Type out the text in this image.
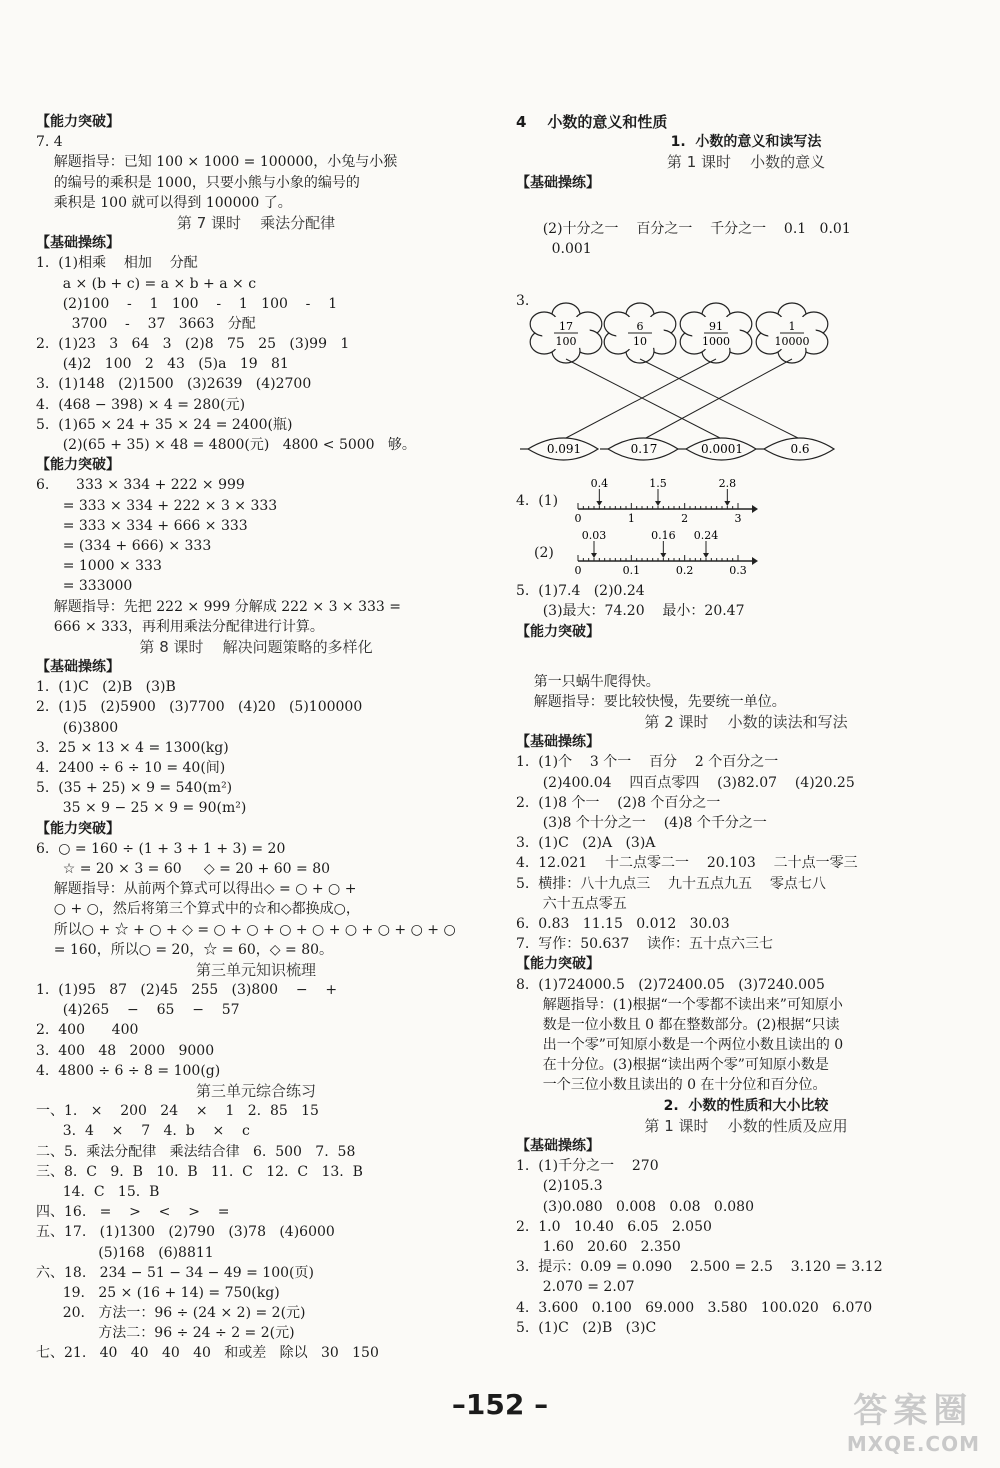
【能力突破】
7. 4
解题指导：已知 100 × 1000 = 100000，小兔与小猴
的编号的乘积是 1000，只要小熊与小象的编号的
乘积是 100 就可以得到 100000 了。
第 7 课时    乘法分配律
【基础操练】
1.  (1)相乘    相加    分配
a × (b + c) = a × b + a × c
(2)100    -    1   100    -    1   100    -    1
3700    -    37   3663   分配
2.  (1)23   3   64   3   (2)8   75   25   (3)99   1
(4)2   100   2   43   (5)a   19   81
3.  (1)148   (2)1500   (3)2639   (4)2700
4.  (468 − 398) × 4 = 280(元)
5.  (1)65 × 24 + 35 × 24 = 2400(瓶)
(2)(65 + 35) × 48 = 4800(元)   4800 < 5000   够。
【能力突破】
6.      333 × 334 + 222 × 999
= 333 × 334 + 222 × 3 × 333
= 333 × 334 + 666 × 333
= (334 + 666) × 333
= 1000 × 333
= 333000
解题指导：先把 222 × 999 分解成 222 × 3 × 333 =
666 × 333，再利用乘法分配律进行计算。
第 8 课时    解决问题策略的多样化
【基础操练】
1.  (1)C   (2)B   (3)B
2.  (1)5   (2)5900   (3)7700   (4)20   (5)100000
(6)3800
3.  25 × 13 × 4 = 1300(kg)
4.  2400 ÷ 6 ÷ 10 = 40(间)
5.  (35 + 25) × 9 = 540(m²)
35 × 9 − 25 × 9 = 90(m²)
【能力突破】
6.  ○ = 160 ÷ (1 + 3 + 1 + 3) = 20
☆ = 20 × 3 = 60     ◇ = 20 + 60 = 80
解题指导：从前两个算式可以得出◇ = ○ + ○ +
○ + ○，然后将第三个算式中的☆和◇都换成○，
所以○ + ☆ + ○ + ◇ = ○ + ○ + ○ + ○ + ○ + ○ + ○ + ○
= 160，所以○ = 20，☆ = 60，◇ = 80。
第三单元知识梳理
1.  (1)95   87   (2)45   255   (3)800    −    +
(4)265    −    65    −    57
2.  400      400
3.  400   48   2000   9000
4.  4800 ÷ 6 ÷ 8 = 100(g)
第三单元综合练习
一、1.   ×    200   24    ×    1   2.  85   15
3.  4    ×    7   4.  b    ×    c
二、5.  乘法分配律   乘法结合律   6.  500   7.  58
三、8.  C   9.  B   10.  B   11.  C   12.  C   13.  B
14.  C   15.  B
四、16.   =    >    <    >    =
五、17.   (1)1300   (2)790   (3)78   (4)6000
(5)168   (6)8811
六、18.   234 − 51 − 34 − 49 = 100(页)
19.   25 × (16 + 14) = 750(kg)
20.   方法一：96 ÷ (24 × 2) = 2(元)
方法二：96 ÷ 24 ÷ 2 = 2(元)
七、21.   40   40   40   40   和或差   除以   30   150
4    小数的意义和性质
1.  小数的意义和读写法
第 1 课时    小数的意义
【基础操练】

(2)十分之一    百分之一    千分之一    0.1   0.01
0.001

3.
17
100
6
10
91
1000
1
10000
0.091	0.17	0.0001	0.6
4.  (1)
0	1	2	3
0.4	1.5	2.8
(2)
0	0.1	0.2	0.3
0.03	0.16 0.24
5.  (1)7.4   (2)0.24
(3)最大：74.20    最小：20.47
【能力突破】

第一只蜗牛爬得快。
解题指导：要比较快慢，先要统一单位。
第 2 课时    小数的读法和写法
【基础操练】
1.  (1)个    3 个一    百分    2 个百分之一
(2)400.04    四百点零四    (3)82.07    (4)20.25
2.  (1)8 个一    (2)8 个百分之一
(3)8 个十分之一    (4)8 个千分之一
3.  (1)C   (2)A   (3)A
4.  12.021    十二点零二一    20.103    二十点一零三
5.  横排：八十九点三    九十五点九五    零点七八
六十五点零五
6.  0.83   11.15   0.012   30.03
7.  写作：50.637    读作：五十点六三七
【能力突破】
8.  (1)724000.5   (2)72400.05   (3)7240.005
解题指导：(1)根据“一个零都不读出来”可知原小
数是一位小数且 0 都在整数部分。(2)根据“只读
出一个零”可知原小数是一个两位小数且读出的 0
在十分位。(3)根据“读出两个零”可知原小数是
一个三位小数且读出的 0 在十分位和百分位。
2.  小数的性质和大小比较
第 1 课时    小数的性质及应用
【基础操练】
1.  (1)千分之一    270
(2)105.3
(3)0.080   0.008   0.08   0.080
2.  1.0   10.40   6.05   2.050
1.60   20.60   2.350
3.  提示：0.09 = 0.090    2.500 = 2.5    3.120 = 3.12
2.070 = 2.07
4.  3.600   0.100   69.000   3.580   100.020   6.070
5.  (1)C   (2)B   (3)C
–152 –	答案圈
MXQE.COM
